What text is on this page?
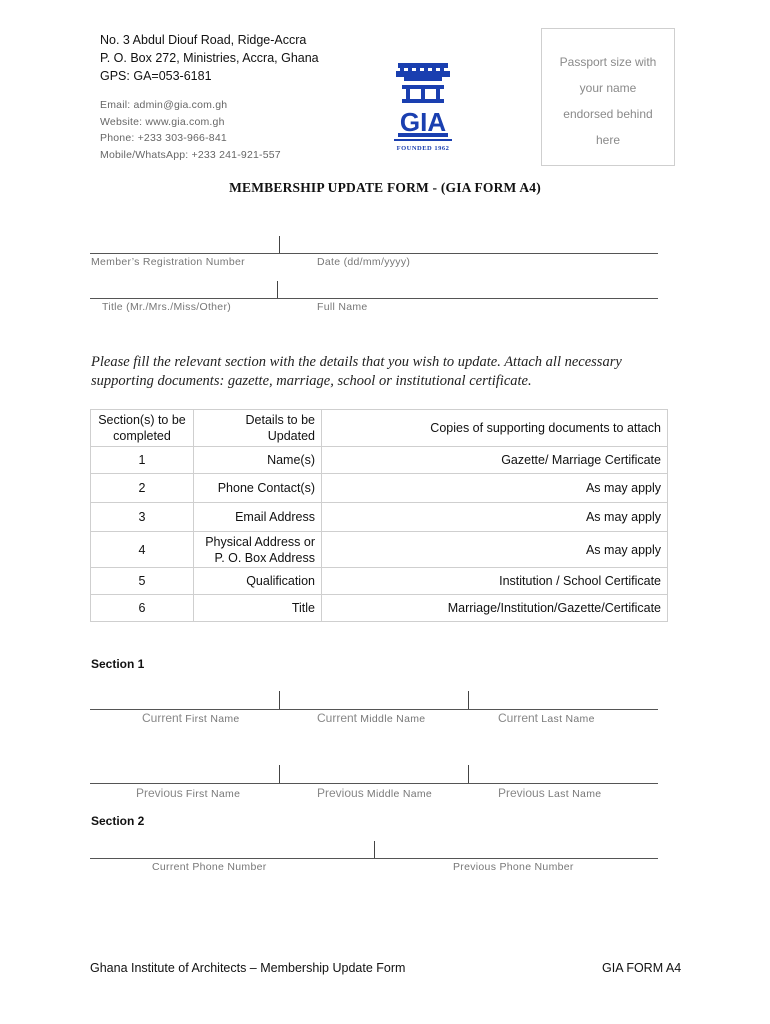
No. 3 Abdul Diouf Road, Ridge-Accra
P. O. Box 272, Ministries, Accra, Ghana
GPS: GA=053-6181
Email: admin@gia.com.gh
Website: www.gia.com.gh
Phone: +233 303-966-841
Mobile/WhatsApp: +233 241-921-557
GIA
FOUNDED 1962
Passport size with
your name
endorsed behind
here
MEMBERSHIP UPDATE FORM - (GIA FORM A4)
Member’s Registration Number	Date (dd/mm/yyyy)
Title (Mr./Mrs./Miss/Other)	Full Name
Please fill the relevant section with the details that you wish to update. Attach all necessary supporting documents: gazette, marriage, school or institutional certificate.
Section(s) to be completed	Details to be Updated	Copies of supporting documents to attach
1	Name(s)	Gazette/ Marriage Certificate
2	Phone Contact(s)	As may apply
3	Email Address	As may apply
4	Physical Address or P. O. Box Address	As may apply
5	Qualification	Institution / School Certificate
6	Title	Marriage/Institution/Gazette/Certificate
Section 1
Current First Name	Current Middle Name	Current Last Name
Previous First Name	Previous Middle Name	Previous Last Name
Section 2
Current Phone Number	Previous Phone Number
Ghana Institute of Architects – Membership Update Form	GIA FORM A4
